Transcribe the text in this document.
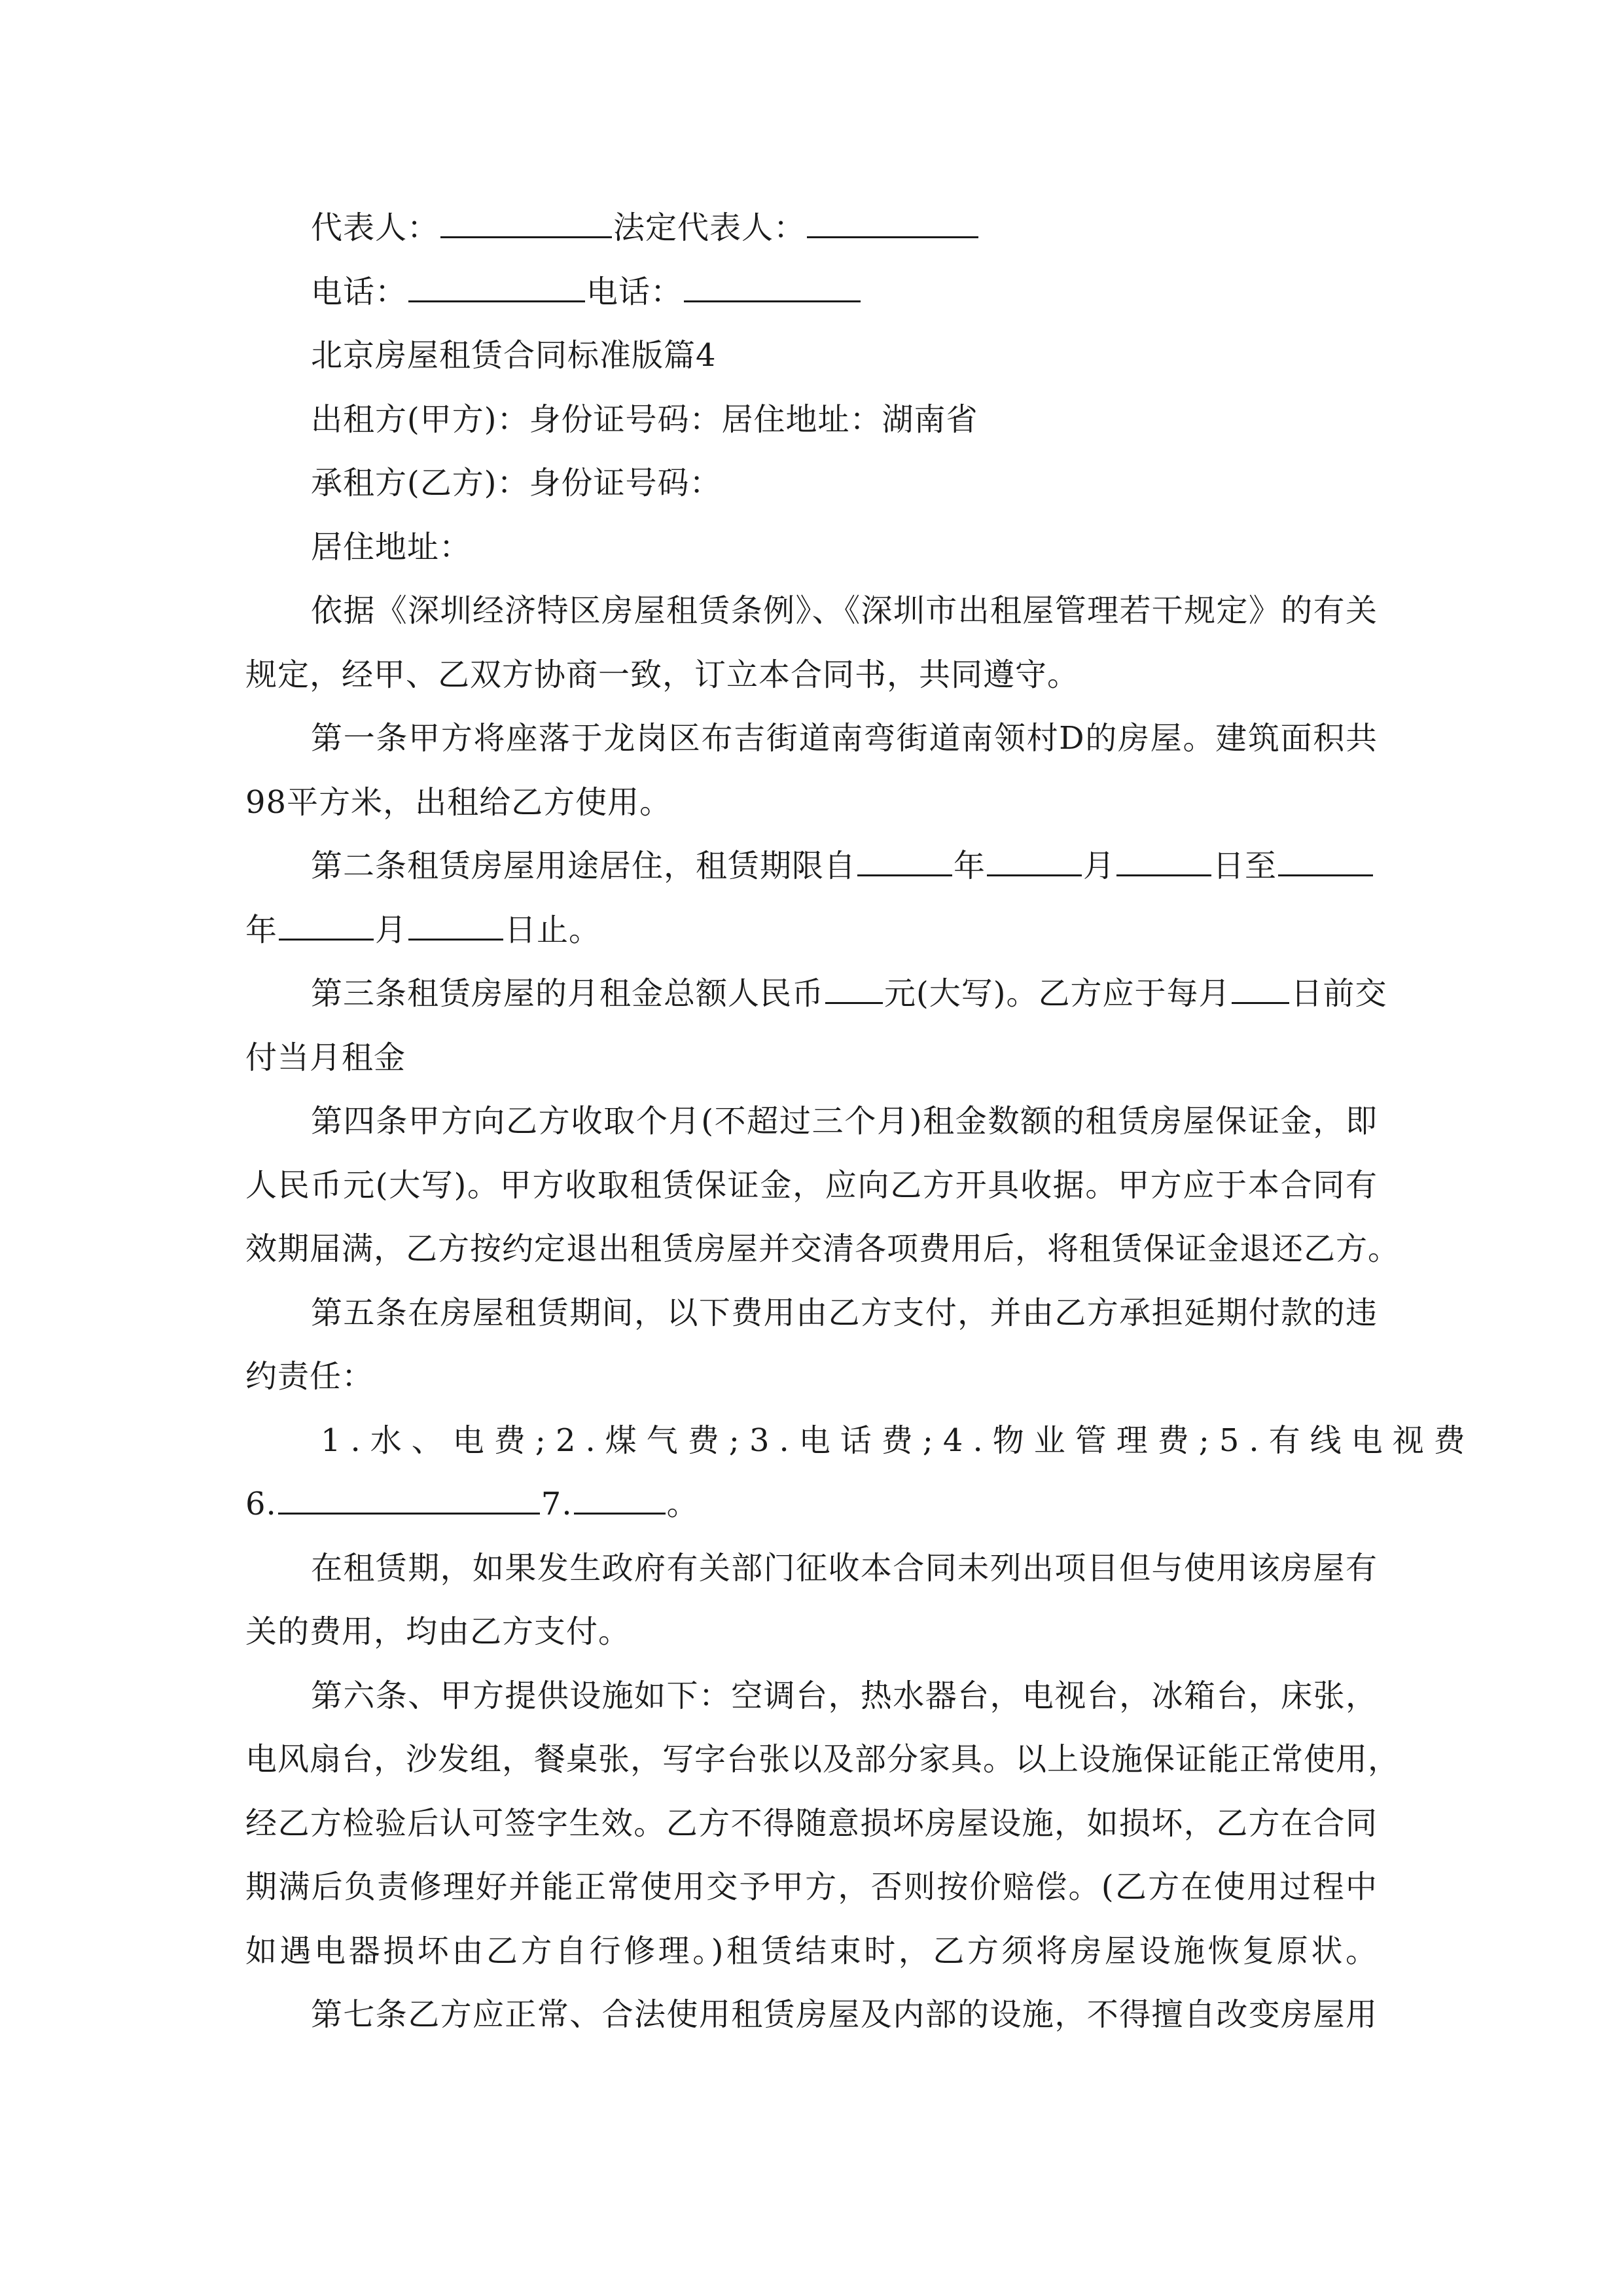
代表人：	法定代表人：
电话：	电话：
北京房屋租赁合同标准版篇4
出租方(甲方)：身份证号码：居住地址：湖南省
承租方(乙方)：身份证号码：
居住地址：
依据《深圳经济特区房屋租赁条例》、《深圳市出租屋管理若干规定》的有关
规定，经甲、乙双方协商一致，订立本合同书，共同遵守。
第一条甲方将座落于龙岗区布吉街道南弯街道南领村D的房屋。建筑面积共
98平方米，出租给乙方使用。
第二条租赁房屋用途居住，租赁期限自	年	月	日至
年	月	日止。
第三条租赁房屋的月租金总额人民币 元(大写)。乙方应于每月 日前交
付当月租金
第四条甲方向乙方收取个月(不超过三个月)租金数额的租赁房屋保证金，即
人民币元(大写)。甲方收取租赁保证金，应向乙方开具收据。甲方应于本合同有
效期届满，乙方按约定退出租赁房屋并交清各项费用后，将租赁保证金退还乙方。
第五条在房屋租赁期间，以下费用由乙方支付，并由乙方承担延期付款的违
约责任：
1.水、电费;2.煤气费;3.电话费;4.物业管理费;5.有线电视费
6.	7.	。
在租赁期，如果发生政府有关部门征收本合同未列出项目但与使用该房屋有
关的费用，均由乙方支付。
第六条、甲方提供设施如下：空调台，热水器台，电视台，冰箱台，床张，
电风扇台，沙发组，餐桌张，写字台张以及部分家具。以上设施保证能正常使用，
经乙方检验后认可签字生效。乙方不得随意损坏房屋设施，如损坏，乙方在合同
期满后负责修理好并能正常使用交予甲方，否则按价赔偿。(乙方在使用过程中
如遇电器损坏由乙方自行修理。)租赁结束时，乙方须将房屋设施恢复原状。
第七条乙方应正常、合法使用租赁房屋及内部的设施，不得擅自改变房屋用
